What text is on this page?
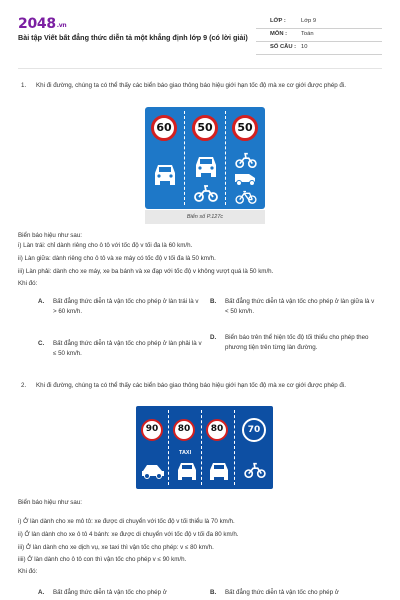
2048.vn
Bài tập Viết bất đẳng thức diễn tả một khẳng định lớp 9 (có lời giải)
LỚP :	Lớp 9
MÔN : Toán
SỐ CÂU : 10
1. Khi đi đường, chúng ta có thể thấy các biển báo giao thông báo hiệu giới hạn tốc độ mà xe cơ giới được phép đi.
60	50	50
Biển số P.127c
Biển báo hiệu như sau:
i) Làn trái: chỉ dành riêng cho ô tô với tốc độ v tối đa là 60 km/h.
ii) Làn giữa: dành riêng cho ô tô và xe máy có tốc độ v tối đa là 50 km/h.
iii) Làn phải: dành cho xe máy, xe ba bánh và xe đạp với tốc độ v không vượt quá là 50 km/h.
Khi đó:
A. Bất đẳng thức diễn tả vận tốc cho phép ở làn trái là v > 60 km/h.
B. Bất đẳng thức diễn tả vận tốc cho phép ở làn giữa là v < 50 km/h.
C. Bất đẳng thức diễn tả vận tốc cho phép ở làn phải là v ≤ 50 km/h.
D. Biển báo trên thể hiện tốc độ tối thiểu cho phép theo phương tiện trên từng làn đường.
2. Khi đi đường, chúng ta có thể thấy các biển báo giao thông báo hiệu giới hạn tốc độ mà xe cơ giới được phép đi.
90	80	80	70
TAXI
Biển báo hiệu như sau:
i) Ở làn dành cho xe mô tô: xe được di chuyển với tốc độ v tối thiểu là 70 km/h.
ii) Ở làn dành cho xe ô tô 4 bánh: xe được di chuyển với tốc độ v tối đa 80 km/h.
iii) Ở làn dành cho xe dịch vụ, xe taxi thì vận tốc cho phép: v ≤ 80 km/h.
iiii) Ở làn dành cho ô tô con thì vận tốc cho phép v ≤ 90 km/h.
Khi đó:
A. Bất đẳng thức diễn tả vận tốc cho phép ở	B. Bất đẳng thức diễn tả vận tốc cho phép ở
